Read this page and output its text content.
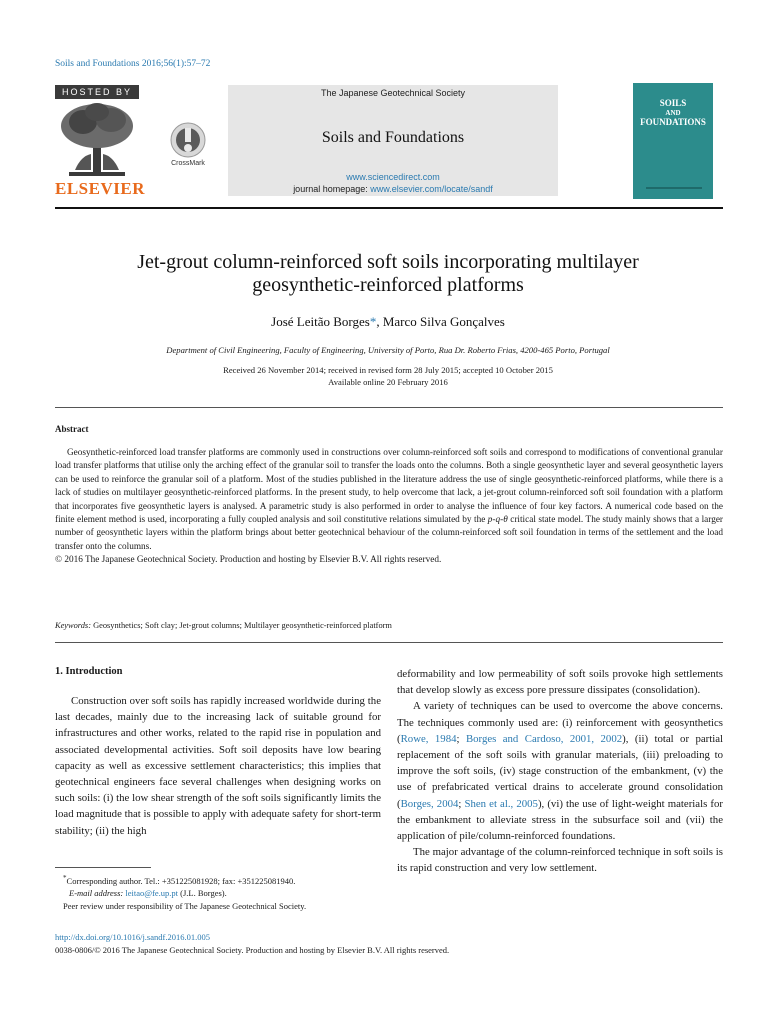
Soils and Foundations 2016;56(1):57–72
HOSTED BY
ELSEVIER
CrossMark
The Japanese Geotechnical Society
Soils and Foundations
www.sciencedirect.com
journal homepage: www.elsevier.com/locate/sandf
SOILS
AND
FOUNDATIONS
Jet-grout column-reinforced soft soils incorporating multilayer
geosynthetic-reinforced platforms
José Leitão Borges*, Marco Silva Gonçalves
Department of Civil Engineering, Faculty of Engineering, University of Porto, Rua Dr. Roberto Frias, 4200-465 Porto, Portugal
Received 26 November 2014; received in revised form 28 July 2015; accepted 10 October 2015
Available online 20 February 2016
Abstract
Geosynthetic-reinforced load transfer platforms are commonly used in constructions over column-reinforced soft soils and correspond to modifications of conventional granular load transfer platforms that utilise only the arching effect of the granular soil to transfer the loads onto the columns. Both a single geosynthetic layer and several geosynthetic layers can be used to reinforce the granular soil of a platform. Most of the studies published in the literature address the use of single geosynthetic-reinforced platforms, while there is a lack of studies on multilayer geosynthetic-reinforced platforms. In the present study, to help overcome that lack, a jet-grout column-reinforced soft soil foundation with a platform that incorporates five geosynthetic layers is analysed. A parametric study is also performed in order to analyse the influence of four key factors. A numerical code based on the finite element method is used, incorporating a fully coupled analysis and soil constitutive relations simulated by the p-q-θ critical state model. The study mainly shows that a larger number of geosynthetic layers within the platform brings about better geotechnical behaviour of the column-reinforced soft soil foundation in terms of the settlement and the load transfer onto the columns.
© 2016 The Japanese Geotechnical Society. Production and hosting by Elsevier B.V. All rights reserved.
Keywords: Geosynthetics; Soft clay; Jet-grout columns; Multilayer geosynthetic-reinforced platform
1. Introduction

Construction over soft soils has rapidly increased worldwide during the last decades, mainly due to the increasing lack of suitable ground for infrastructures and other works, related to the rapid rise in population and associated developmental activities. Soft soil deposits have low bearing capacity as well as excessive settlement characteristics; this implies that geotechnical engineers face several challenges when designing works on such soils: (i) the low shear strength of the soft soils significantly limits the load magnitude that is possible to apply with adequate safety for short-term stability; (ii) the high

deformability and low permeability of soft soils provoke high settlements that develop slowly as excess pore pressure dissipates (consolidation).

A variety of techniques can be used to overcome the above concerns. The techniques commonly used are: (i) reinforcement with geosynthetics (Rowe, 1984; Borges and Cardoso, 2001, 2002), (ii) total or partial replacement of the soft soils with granular materials, (iii) preloading to improve the soft soils, (iv) stage construction of the embankment, (v) the use of prefabricated vertical drains to accelerate ground consolidation (Borges, 2004; Shen et al., 2005), (vi) the use of light-weight materials for the embankment to alleviate stress in the subsurface soil and (vii) the application of pile/column-reinforced foundations.

The major advantage of the column-reinforced technique in soft soils is its rapid construction and very low settlement.

*Corresponding author. Tel.: +351225081928; fax: +351225081940.
E-mail address: leitao@fe.up.pt (J.L. Borges).
Peer review under responsibility of The Japanese Geotechnical Society.
http://dx.doi.org/10.1016/j.sandf.2016.01.005
0038-0806/© 2016 The Japanese Geotechnical Society. Production and hosting by Elsevier B.V. All rights reserved.
